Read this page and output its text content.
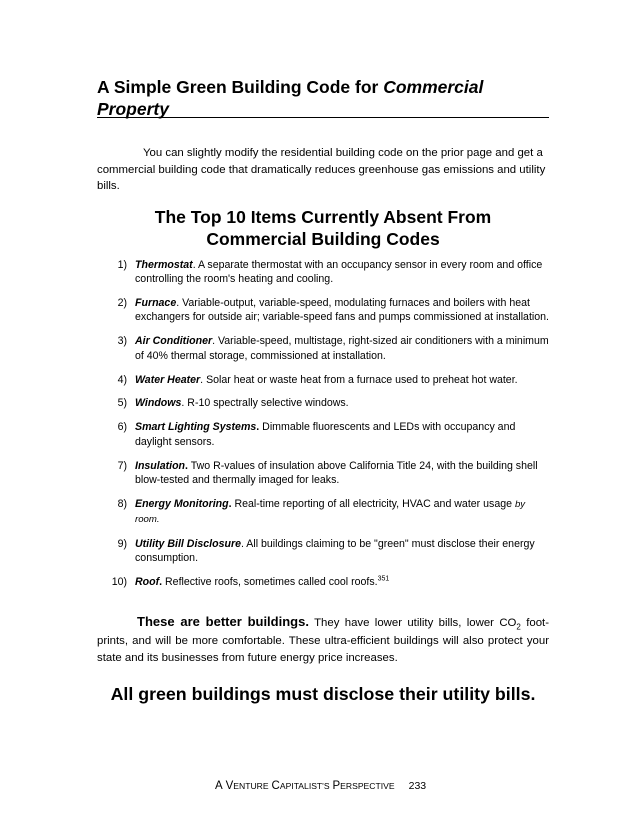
A Simple Green Building Code for Commercial Property

You can slightly modify the residential building code on the prior page and get a commercial building code that dramatically reduces greenhouse gas emissions and utility bills.

The Top 10 Items Currently Absent From
Commercial Building Codes
1) Thermostat. A separate thermostat with an occupancy sensor in every room and office controlling the room's heating and cooling.
2) Furnace. Variable-output, variable-speed, modulating furnaces and boilers with heat exchangers for outside air; variable-speed fans and pumps commissioned at installation.
3) Air Conditioner. Variable-speed, multistage, right-sized air conditioners with a minimum of 40% thermal storage, commissioned at installation.
4) Water Heater. Solar heat or waste heat from a furnace used to preheat hot water.
5) Windows. R-10 spectrally selective windows.
6) Smart Lighting Systems. Dimmable fluorescents and LEDs with occupancy and daylight sensors.
7) Insulation. Two R-values of insulation above California Title 24, with the building shell blow-tested and thermally imaged for leaks.
8) Energy Monitoring. Real-time reporting of all electricity, HVAC and water usage by room.
9) Utility Bill Disclosure. All buildings claiming to be "green" must disclose their energy consumption.
10) Roof. Reflective roofs, sometimes called cool roofs.$^{351}$

These are better buildings. They have lower utility bills, lower $CO_2$ foot-prints, and will be more comfortable. These ultra-efficient buildings will also protect your state and its businesses from future energy price increases.

All green buildings must disclose their utility bills.
A VENTURE CAPITALIST'S PERSPECTIVE 233
